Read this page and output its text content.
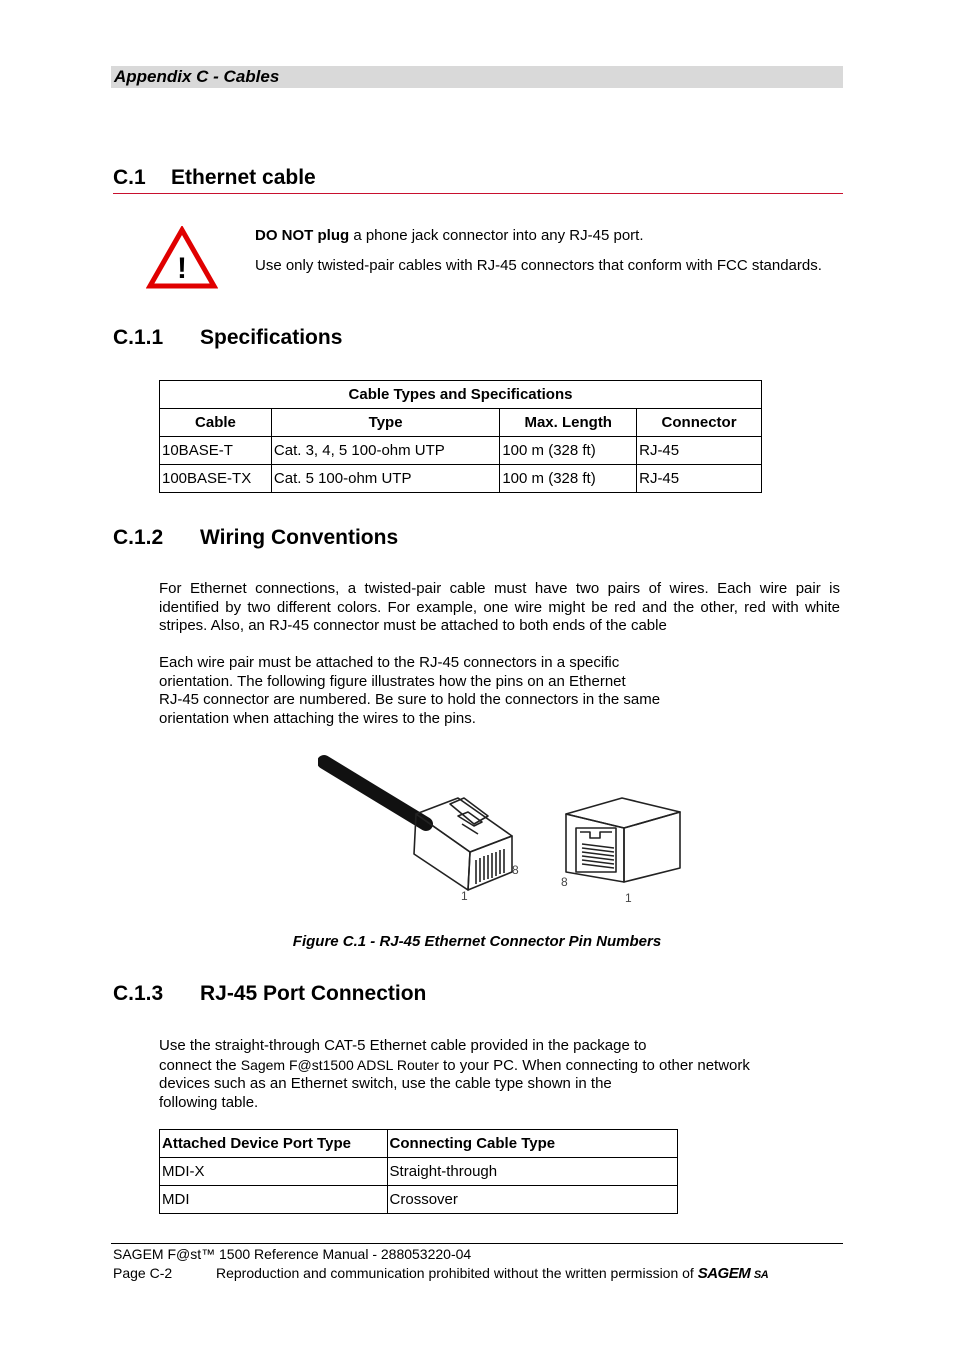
Appendix C - Cables
C.1 Ethernet cable
!
DO NOT plug a phone jack connector into any RJ-45 port.
Use only twisted-pair cables with RJ-45 connectors that conform with FCC standards.
C.1.1 Specifications
Cable Types and Specifications			
Cable	Type	Max. Length	Connector
10BASE-T	Cat. 3, 4, 5 100-ohm UTP	100 m (328 ft)	RJ-45
100BASE-TX	Cat. 5 100-ohm UTP	100 m (328 ft)	RJ-45
C.1.2 Wiring Conventions
For Ethernet connections, a twisted-pair cable must have two pairs of wires. Each wire pair is identified by two different colors. For example, one wire might be red and the other, red with white stripes. Also, an RJ-45 connector must be attached to both ends of the cable
Each wire pair must be attached to the RJ-45 connectors in a specific
orientation. The following figure illustrates how the pins on an Ethernet
RJ-45 connector are numbered. Be sure to hold the connectors in the same
orientation when attaching the wires to the pins.
1
8
8
1
Figure C.1 - RJ-45 Ethernet Connector Pin Numbers
C.1.3 RJ-45 Port Connection
Use the straight-through CAT-5 Ethernet cable provided in the package to
connect the Sagem F@st1500 ADSL Router to your PC. When connecting to other network
devices such as an Ethernet switch, use the cable type shown in the
following table.
Attached Device Port Type	Connecting Cable Type
MDI-X	Straight-through
MDI	Crossover
SAGEM F@st™ 1500 Reference Manual - 288053220-04
Page C-2	Reproduction and communication prohibited without the written permission of SAGEM SA
